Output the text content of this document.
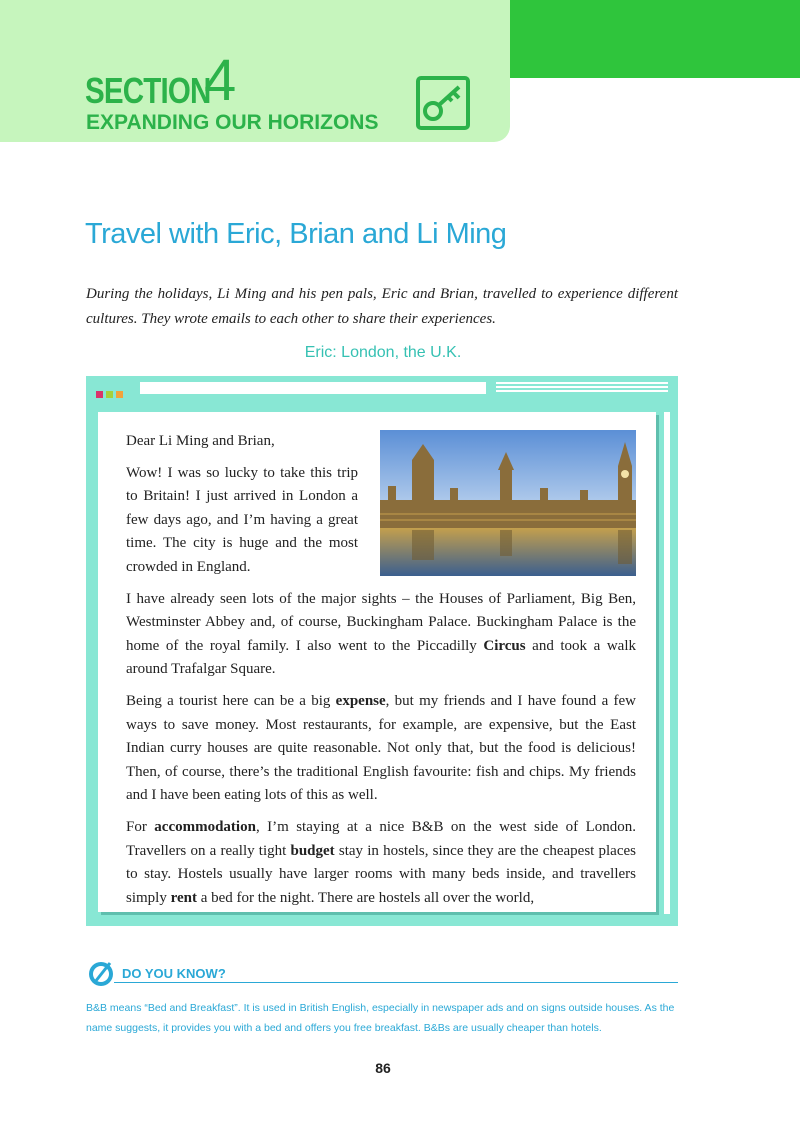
SECTION
4
EXPANDING OUR HORIZONS
Travel with Eric, Brian and Li Ming
During the holidays, Li Ming and his pen pals, Eric and Brian, travelled to experience different cultures. They wrote emails to each other to share their experiences.
Eric: London, the U.K.

Dear Li Ming and Brian,

Wow! I was so lucky to take this trip to Britain! I just arrived in London a few days ago, and I’m having a great time. The city is huge and the most crowded in England.

I have already seen lots of the major sights – the Houses of Parliament, Big Ben, Westminster Abbey and, of course, Buckingham Palace. Buckingham Palace is the home of the royal family. I also went to the Piccadilly Circus and took a walk around Trafalgar Square.

Being a tourist here can be a big expense, but my friends and I have found a few ways to save money. Most restaurants, for example, are expensive, but the East Indian curry houses are quite reasonable. Not only that, but the food is delicious! Then, of course, there’s the traditional English favourite: fish and chips. My friends and I have been eating lots of this as well.

For accommodation, I’m staying at a nice B&B on the west side of London. Travellers on a really tight budget stay in hostels, since they are the cheapest places to stay. Hostels usually have larger rooms with many beds inside, and travellers simply rent a bed for the night. There are hostels all over the world,

DO YOU KNOW?
B&B means “Bed and Breakfast”. It is used in British English, especially in newspaper ads and on signs outside houses. As the name suggests, it provides you with a bed and offers you free breakfast. B&Bs are usually cheaper than hotels.
86
